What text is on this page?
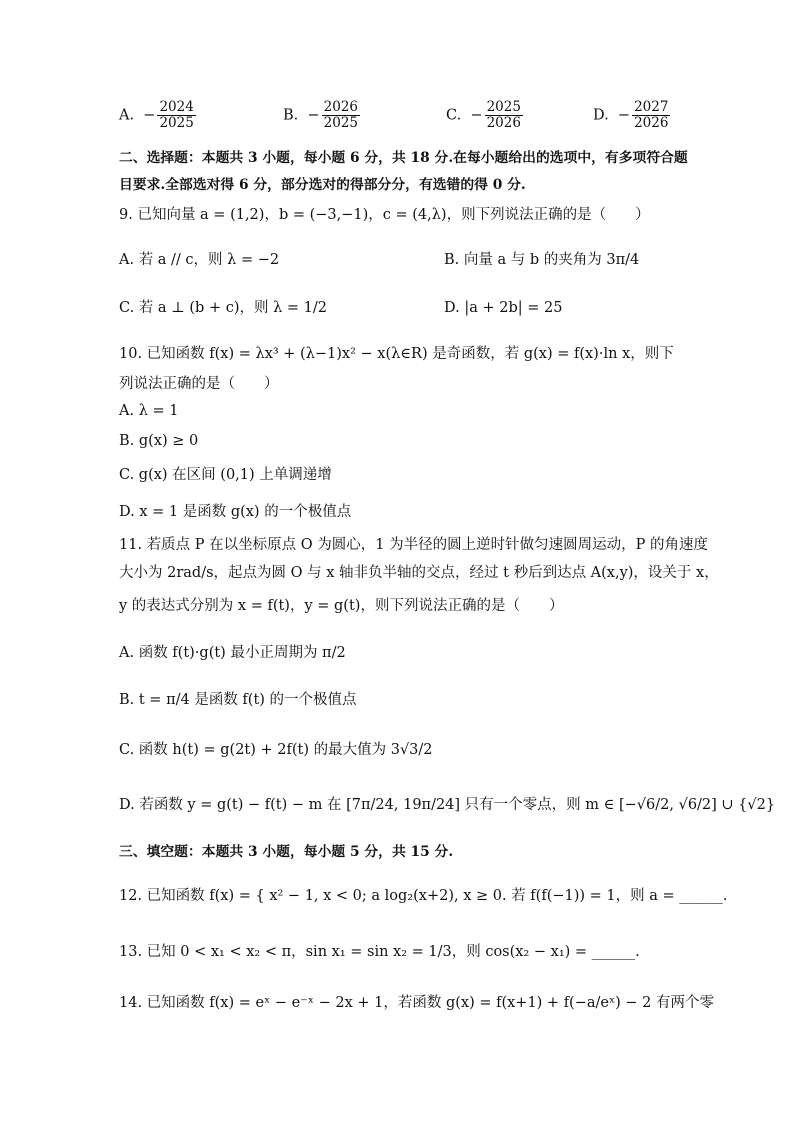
A.  − $\frac{2024}{2025}$	B.  − $\frac{2026}{2025}$	C.  − $\frac{2025}{2026}$	D.  − $\frac{2027}{2026}$
二、选择题：本题共 3 小题，每小题 6 分，共 18 分.在每小题给出的选项中，有多项符合题
目要求.全部选对得 6 分，部分选对的得部分分，有选错的得 0 分.
9. 已知向量 a = (1,2)，b = (−3,−1)，c = (4,λ)，则下列说法正确的是（　　）
A. 若 a // c，则 λ = −2	B. 向量 a 与 b 的夹角为 3π/4
C. 若 a ⊥ (b + c)，则 λ = 1/2	D. |a + 2b| = 25
10. 已知函数 f(x) = λx³ + (λ−1)x² − x(λ∈R) 是奇函数，若 g(x) = f(x)·ln x，则下
列说法正确的是（　　）
A. λ = 1
B. g(x) ≥ 0
C. g(x) 在区间 (0,1) 上单调递增
D. x = 1 是函数 g(x) 的一个极值点
11. 若质点 P 在以坐标原点 O 为圆心，1 为半径的圆上逆时针做匀速圆周运动，P 的角速度
大小为 2rad/s，起点为圆 O 与 x 轴非负半轴的交点，经过 t 秒后到达点 A(x,y)，设关于 x，
y 的表达式分别为 x = f(t)，y = g(t)，则下列说法正确的是（　　）
A. 函数 f(t)·g(t) 最小正周期为 π/2
B. t = π/4 是函数 f(t) 的一个极值点
C. 函数 h(t) = g(2t) + 2f(t) 的最大值为 3√3/2
D. 若函数 y = g(t) − f(t) − m 在 [7π/24, 19π/24] 只有一个零点，则 m ∈ [−√6/2, √6/2] ∪ {√2}
三、填空题：本题共 3 小题，每小题 5 分，共 15 分.
12. 已知函数 f(x) = { x² − 1, x < 0; a log₂(x+2), x ≥ 0. 若 f(f(−1)) = 1，则 a = ______.
13. 已知 0 < x₁ < x₂ < π，sin x₁ = sin x₂ = 1/3，则 cos(x₂ − x₁) = ______.
14. 已知函数 f(x) = eˣ − e⁻ˣ − 2x + 1，若函数 g(x) = f(x+1) + f(−a/eˣ) − 2 有两个零
